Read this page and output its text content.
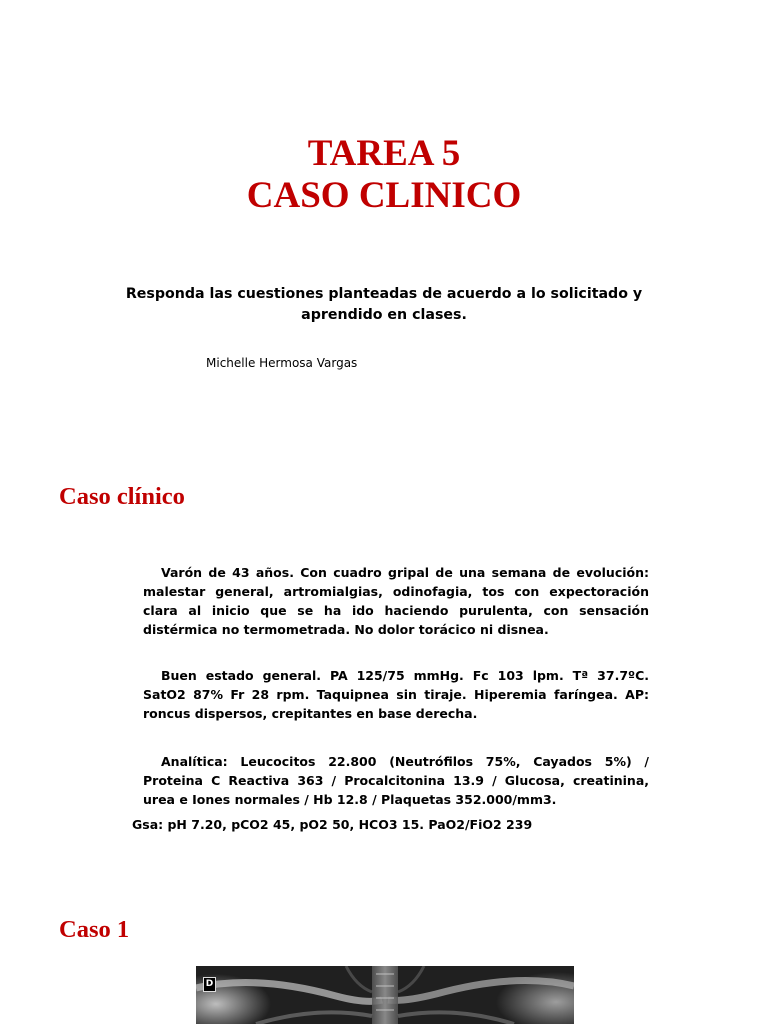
TAREA 5
CASO CLINICO
Responda las cuestiones planteadas de acuerdo a lo solicitado y aprendido en clases.
Michelle Hermosa Vargas
Caso clínico

Varón de 43 años. Con cuadro gripal de una semana de evolución: malestar general, artromialgias, odinofagia, tos con expectoración clara al inicio que se ha ido haciendo purulenta, con sensación distérmica no termometrada. No dolor torácico ni disnea.

Buen estado general. PA 125/75 mmHg. Fc 103 lpm. Tª 37.7ºC. SatO2 87% Fr 28 rpm. Taquipnea sin tiraje. Hiperemia faríngea. AP: roncus dispersos, crepitantes en base derecha.

Analítica: Leucocitos 22.800 (Neutrófilos 75%, Cayados 5%) / Proteina C Reactiva 363 / Procalcitonina 13.9 / Glucosa, creatinina, urea e Iones normales / Hb 12.8 / Plaquetas 352.000/mm3.

Gsa: pH 7.20, pCO2 45, pO2 50, HCO3 15. PaO2/FiO2 239
Caso 1
D
